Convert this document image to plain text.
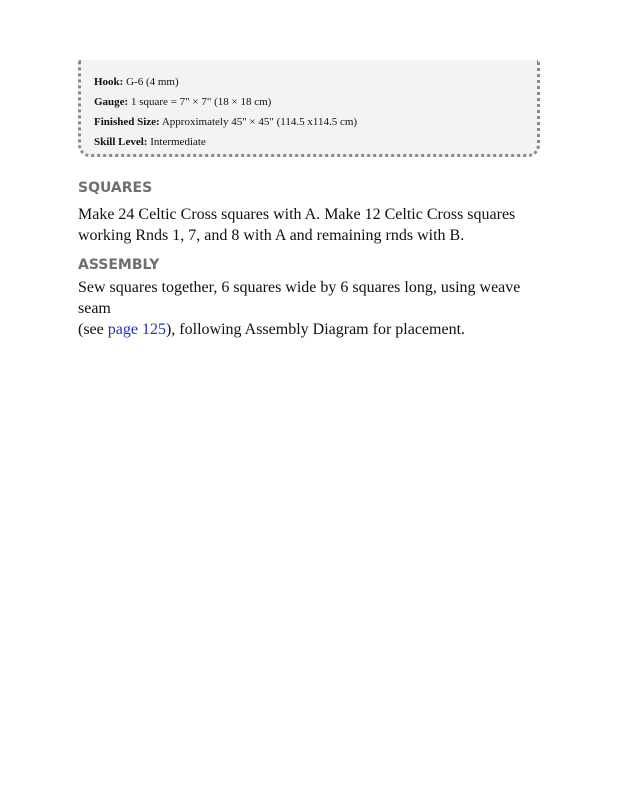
Hook: G-6 (4 mm)
Gauge: 1 square = 7" × 7" (18 × 18 cm)
Finished Size: Approximately 45" × 45" (114.5 x114.5 cm)
Skill Level: Intermediate
SQUARES
Make 24 Celtic Cross squares with A. Make 12 Celtic Cross squares
working Rnds 1, 7, and 8 with A and remaining rnds with B.
ASSEMBLY
Sew squares together, 6 squares wide by 6 squares long, using weave seam
(see page 125), following Assembly Diagram for placement.
